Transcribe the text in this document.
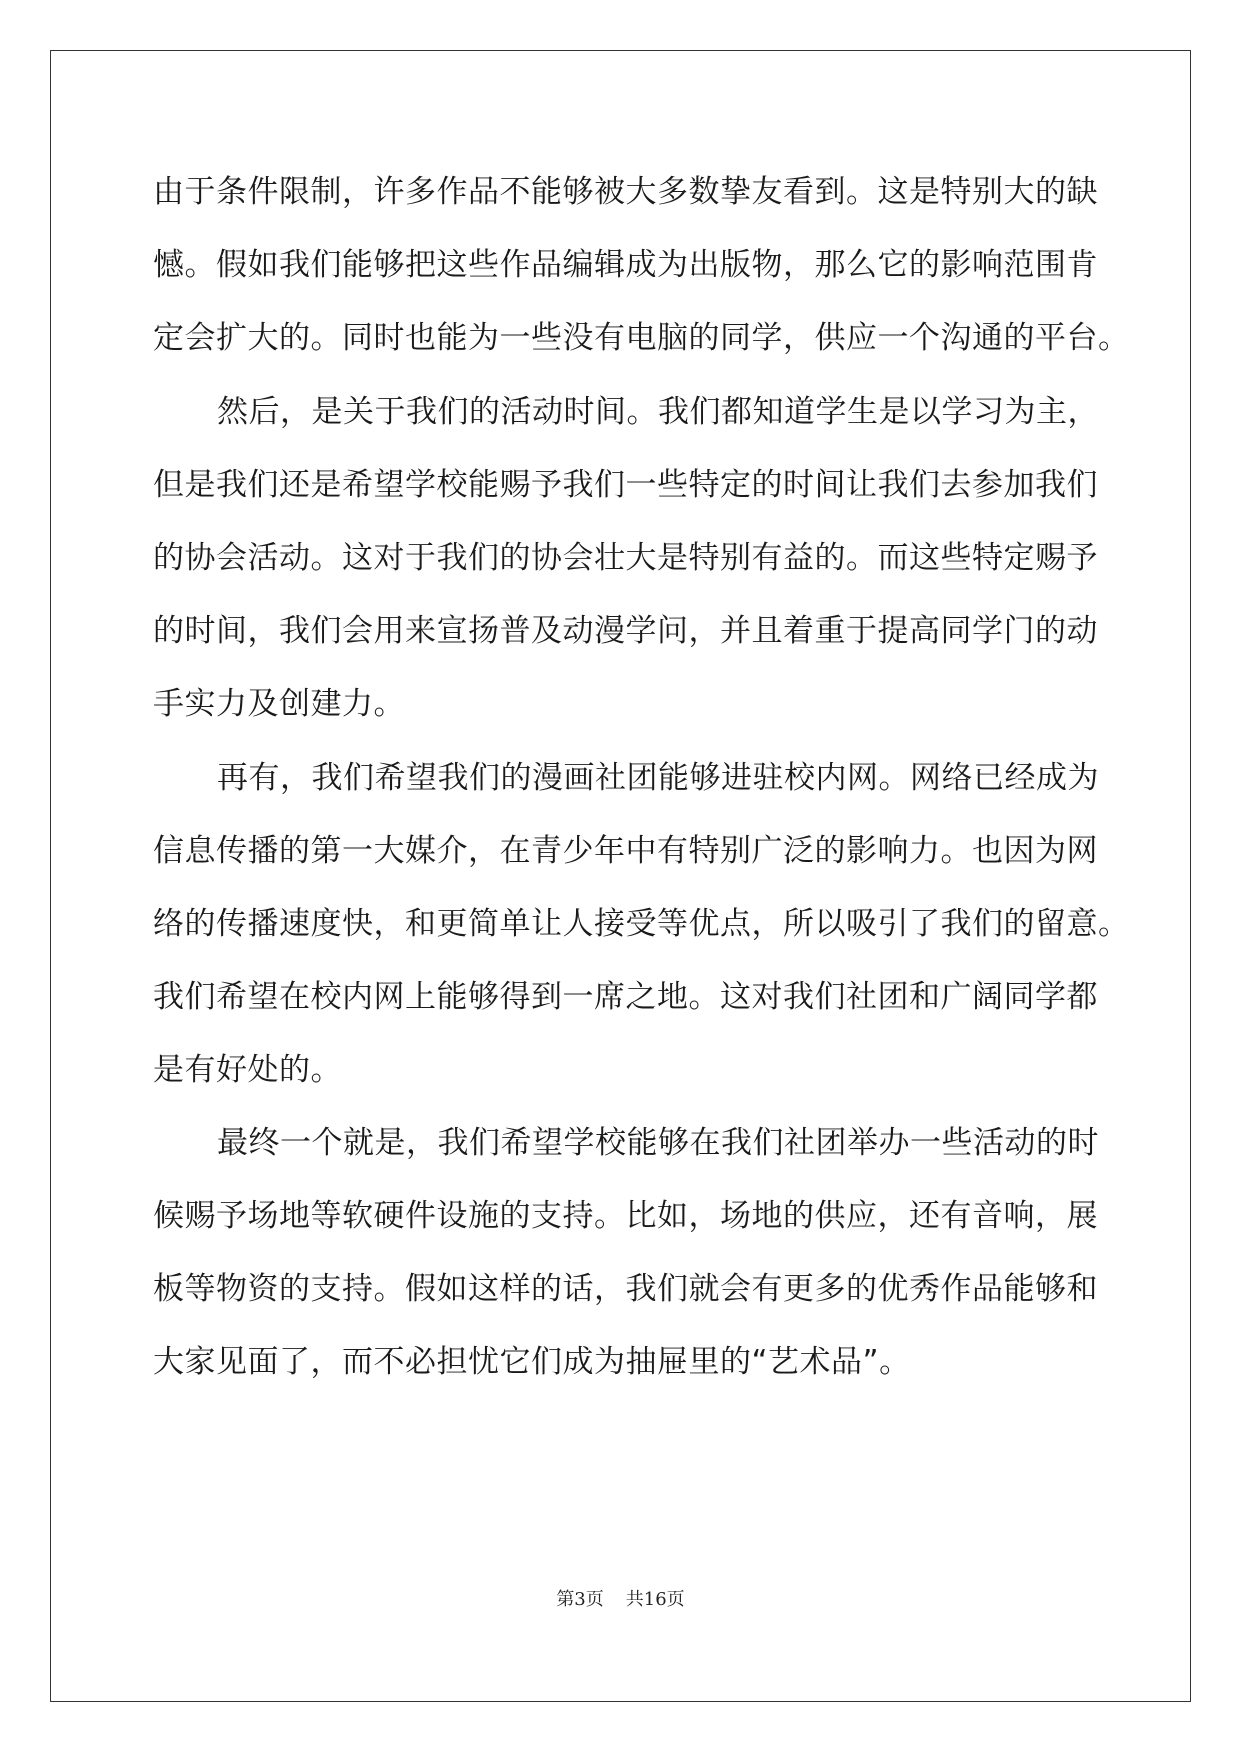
由于条件限制，许多作品不能够被大多数挚友看到。这是特别大的缺
憾。假如我们能够把这些作品编辑成为出版物，那么它的影响范围肯
定会扩大的。同时也能为一些没有电脑的同学，供应一个沟通的平台。
然后，是关于我们的活动时间。我们都知道学生是以学习为主，
但是我们还是希望学校能赐予我们一些特定的时间让我们去参加我们
的协会活动。这对于我们的协会壮大是特别有益的。而这些特定赐予
的时间，我们会用来宣扬普及动漫学问，并且着重于提高同学门的动
手实力及创建力。
再有，我们希望我们的漫画社团能够进驻校内网。网络已经成为
信息传播的第一大媒介，在青少年中有特别广泛的影响力。也因为网
络的传播速度快，和更简单让人接受等优点，所以吸引了我们的留意。
我们希望在校内网上能够得到一席之地。这对我们社团和广阔同学都
是有好处的。
最终一个就是，我们希望学校能够在我们社团举办一些活动的时
候赐予场地等软硬件设施的支持。比如，场地的供应，还有音响，展
板等物资的支持。假如这样的话，我们就会有更多的优秀作品能够和
大家见面了，而不必担忧它们成为抽屉里的“艺术品”。
第3页 共16页
